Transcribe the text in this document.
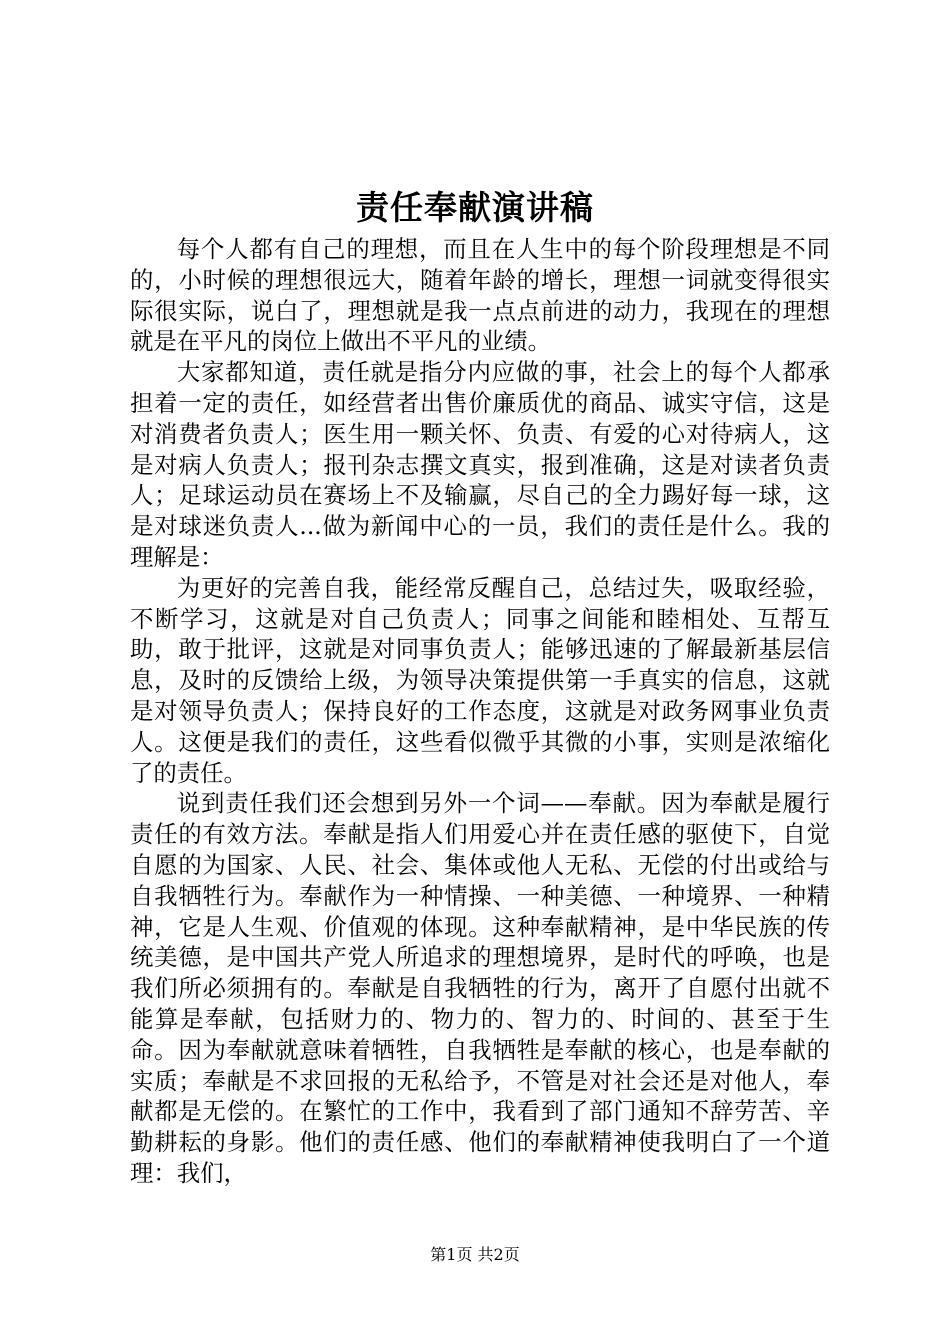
责任奉献演讲稿

每个人都有自己的理想，而且在人生中的每个阶段理想是不同的，小时候的理想很远大，随着年龄的增长，理想一词就变得很实际很实际，说白了，理想就是我一点点前进的动力，我现在的理想就是在平凡的岗位上做出不平凡的业绩。

大家都知道，责任就是指分内应做的事，社会上的每个人都承担着一定的责任，如经营者出售价廉质优的商品、诚实守信，这是对消费者负责人；医生用一颗关怀、负责、有爱的心对待病人，这是对病人负责人；报刊杂志撰文真实，报到准确，这是对读者负责人；足球运动员在赛场上不及输赢，尽自己的全力踢好每一球，这是对球迷负责人...做为新闻中心的一员，我们的责任是什么。我的理解是：

为更好的完善自我，能经常反醒自己，总结过失，吸取经验，不断学习，这就是对自己负责人；同事之间能和睦相处、互帮互助，敢于批评，这就是对同事负责人；能够迅速的了解最新基层信息，及时的反馈给上级，为领导决策提供第一手真实的信息，这就是对领导负责人；保持良好的工作态度，这就是对政务网事业负责人。这便是我们的责任，这些看似微乎其微的小事，实则是浓缩化了的责任。

说到责任我们还会想到另外一个词——奉献。因为奉献是履行责任的有效方法。奉献是指人们用爱心并在责任感的驱使下，自觉自愿的为国家、人民、社会、集体或他人无私、无偿的付出或给与自我牺牲行为。奉献作为一种情操、一种美德、一种境界、一种精神，它是人生观、价值观的体现。这种奉献精神，是中华民族的传统美德，是中国共产党人所追求的理想境界，是时代的呼唤，也是我们所必须拥有的。奉献是自我牺牲的行为，离开了自愿付出就不能算是奉献，包括财力的、物力的、智力的、时间的、甚至于生命。因为奉献就意味着牺牲，自我牺牲是奉献的核心，也是奉献的实质；奉献是不求回报的无私给予，不管是对社会还是对他人，奉献都是无偿的。在繁忙的工作中，我看到了部门通知不辞劳苦、辛勤耕耘的身影。他们的责任感、他们的奉献精神使我明白了一个道理：我们，

第1页 共2页
